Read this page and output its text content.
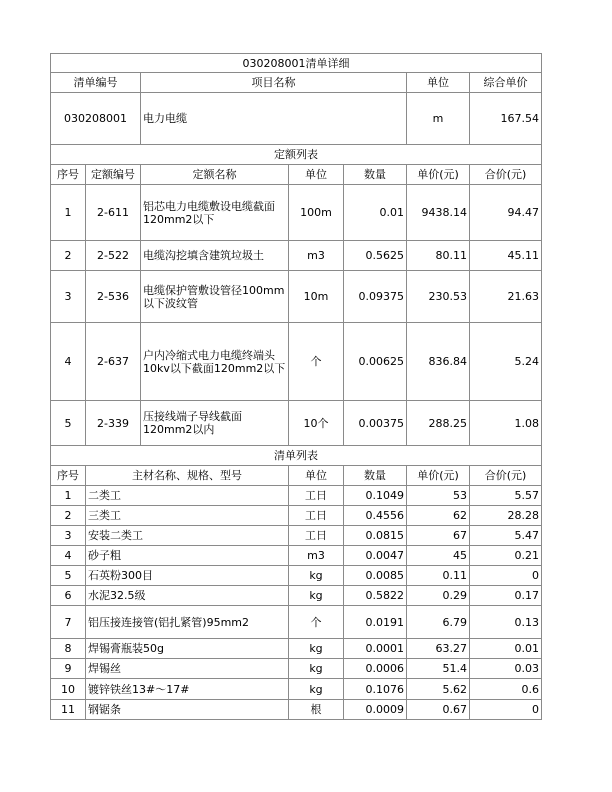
030208001清单详细						
清单编号		项目名称			单位	综合单价
030208001		电力电缆			m	167.54
定额列表						
序号	定额编号	定额名称	单位	数量	单价(元)	合价(元)
1	2-611	铝芯电力电缆敷设电缆截面120mm2以下	100m	0.01	9438.14	94.47
2	2-522	电缆沟挖填含建筑垃圾土	m3	0.5625	80.11	45.11
3	2-536	电缆保护管敷设管径100mm以下波纹管	10m	0.09375	230.53	21.63
4	2-637	户内冷缩式电力电缆终端头10kv以下截面120mm2以下	个	0.00625	836.84	5.24
5	2-339	压接线端子导线截面120mm2以内	10个	0.00375	288.25	1.08
清单列表						
序号	主材名称、规格、型号		单位	数量	单价(元)	合价(元)
1	二类工		工日	0.1049	53	5.57
2	三类工		工日	0.4556	62	28.28
3	安装二类工		工日	0.0815	67	5.47
4	砂子粗		m3	0.0047	45	0.21
5	石英粉300目		kg	0.0085	0.11	0
6	水泥32.5级		kg	0.5822	0.29	0.17
7	铝压接连接管(铝扎紧管)95mm2		个	0.0191	6.79	0.13
8	焊锡膏瓶装50g		kg	0.0001	63.27	0.01
9	焊锡丝		kg	0.0006	51.4	0.03
10	镀锌铁丝13#～17#		kg	0.1076	5.62	0.6
11	钢锯条		根	0.0009	0.67	0
